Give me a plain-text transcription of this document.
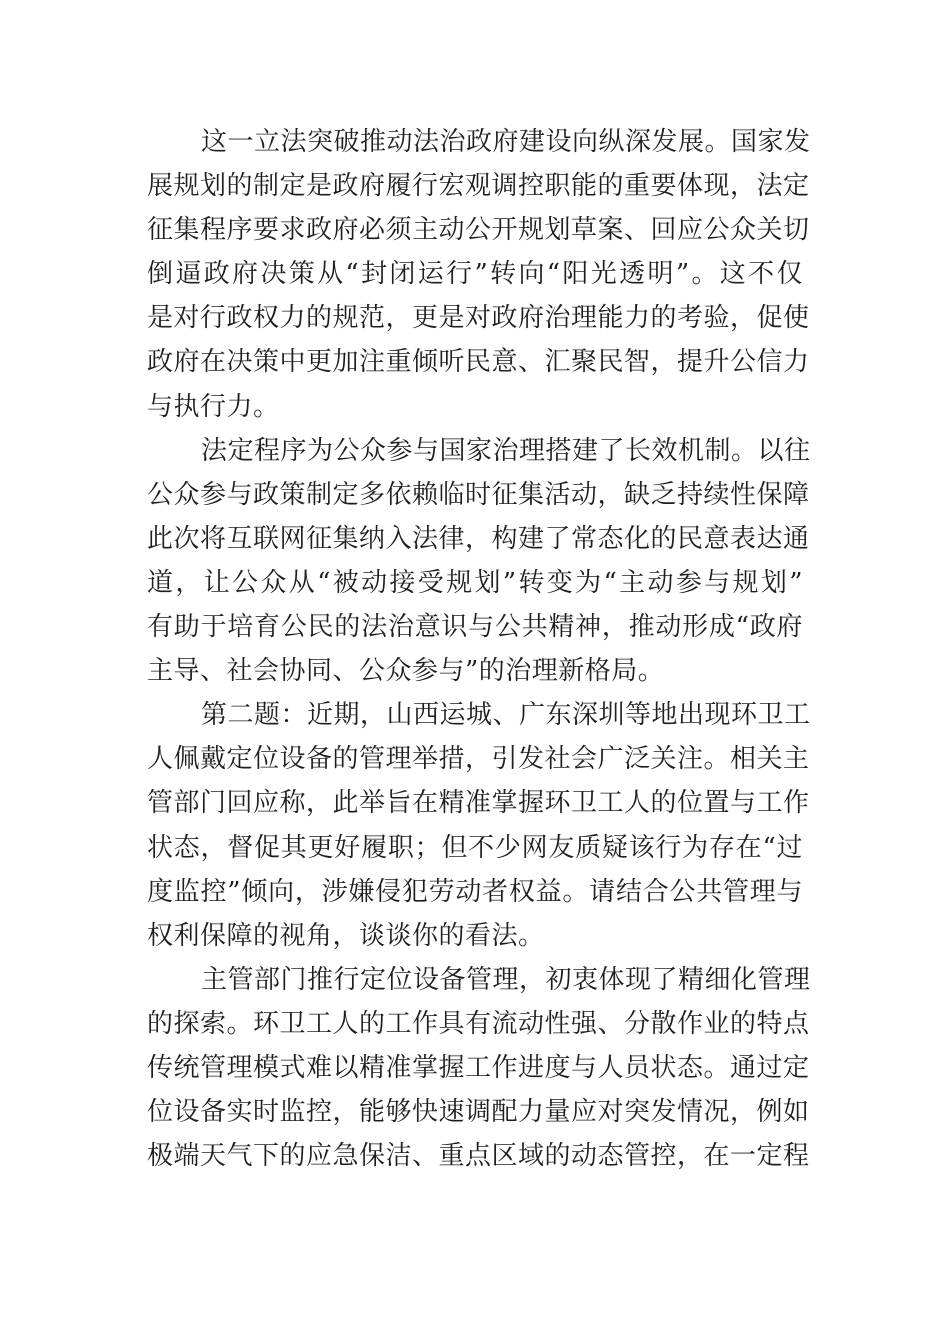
这一立法突破推动法治政府建设向纵深发展。国家发
展规划的制定是政府履行宏观调控职能的重要体现，法定
征集程序要求政府必须主动公开规划草案、回应公众关切
倒逼政府决策从“封闭运行”转向“阳光透明”。这不仅
是对行政权力的规范，更是对政府治理能力的考验，促使
政府在决策中更加注重倾听民意、汇聚民智，提升公信力
与执行力。
法定程序为公众参与国家治理搭建了长效机制。以往
公众参与政策制定多依赖临时征集活动，缺乏持续性保障
此次将互联网征集纳入法律，构建了常态化的民意表达通
道，让公众从“被动接受规划”转变为“主动参与规划”
有助于培育公民的法治意识与公共精神，推动形成“政府
主导、社会协同、公众参与”的治理新格局。
第二题：近期，山西运城、广东深圳等地出现环卫工
人佩戴定位设备的管理举措，引发社会广泛关注。相关主
管部门回应称，此举旨在精准掌握环卫工人的位置与工作
状态，督促其更好履职；但不少网友质疑该行为存在“过
度监控”倾向，涉嫌侵犯劳动者权益。请结合公共管理与
权利保障的视角，谈谈你的看法。
主管部门推行定位设备管理，初衷体现了精细化管理
的探索。环卫工人的工作具有流动性强、分散作业的特点
传统管理模式难以精准掌握工作进度与人员状态。通过定
位设备实时监控，能够快速调配力量应对突发情况，例如
极端天气下的应急保洁、重点区域的动态管控，在一定程
